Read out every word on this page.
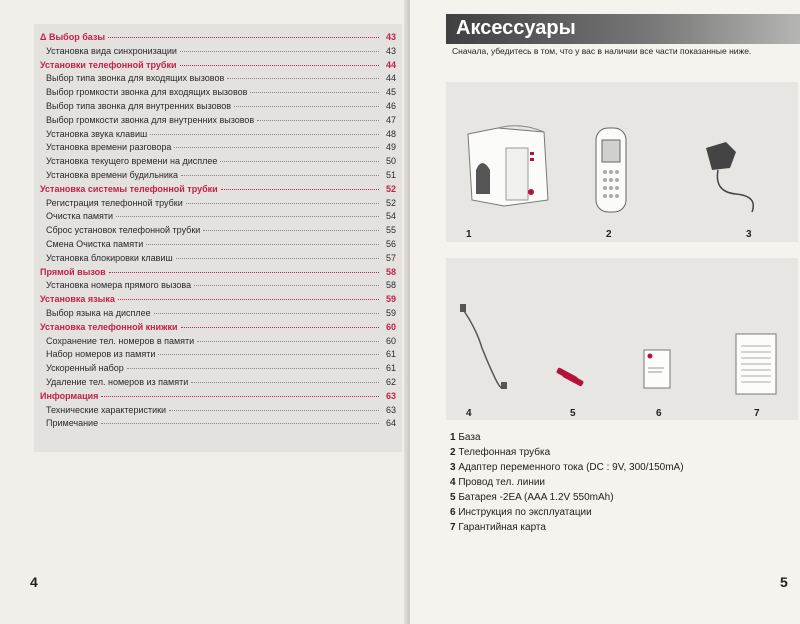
Δ Выбор базы	43
Установка вида синхронизации	43
Установки телефонной трубки	44
Выбор типа звонка для входящих вызовов	44
Выбор громкости звонка для входящих вызовов	45
Выбор типа звонка для внутренних вызовов	46
Выбор громкости звонка для внутренних вызовов	47
Установка звука клавиш	48
Установка времени разговора	49
Установка текущего времени на дисплее	50
Установка времени будильника	51
Установка системы телефонной трубки	52
Регистрация телефонной трубки	52
Очистка памяти	54
Сброс установок телефонной трубки	55
Смена Очистка памяти	56
Установка блокировки клавиш	57
Прямой вызов	58
Установка номера прямого вызова	58
Установка языка	59
Выбор языка на дисплее	59
Установка телефонной книжки	60
Сохранение тел. номеров в памяти	60
Набор номеров из памяти	61
Ускоренный набор	61
Удаление тел. номеров из памяти	62
Информация	63
Технические характеристики	63
Примечание	64
4
Аксессуары
Сначала, убедитесь в том, что у вас в наличии все части показанные ниже.
1	2	3
4	5	6	7
1 База
2 Телефонная трубка
3 Адаптер переменного тока (DC : 9V, 300/150mA)
4 Провод тел. линии
5 Батарея -2EA (AAA 1.2V 550mAh)
6 Инструкция по эксплуатации
7 Гарантийная карта
5
